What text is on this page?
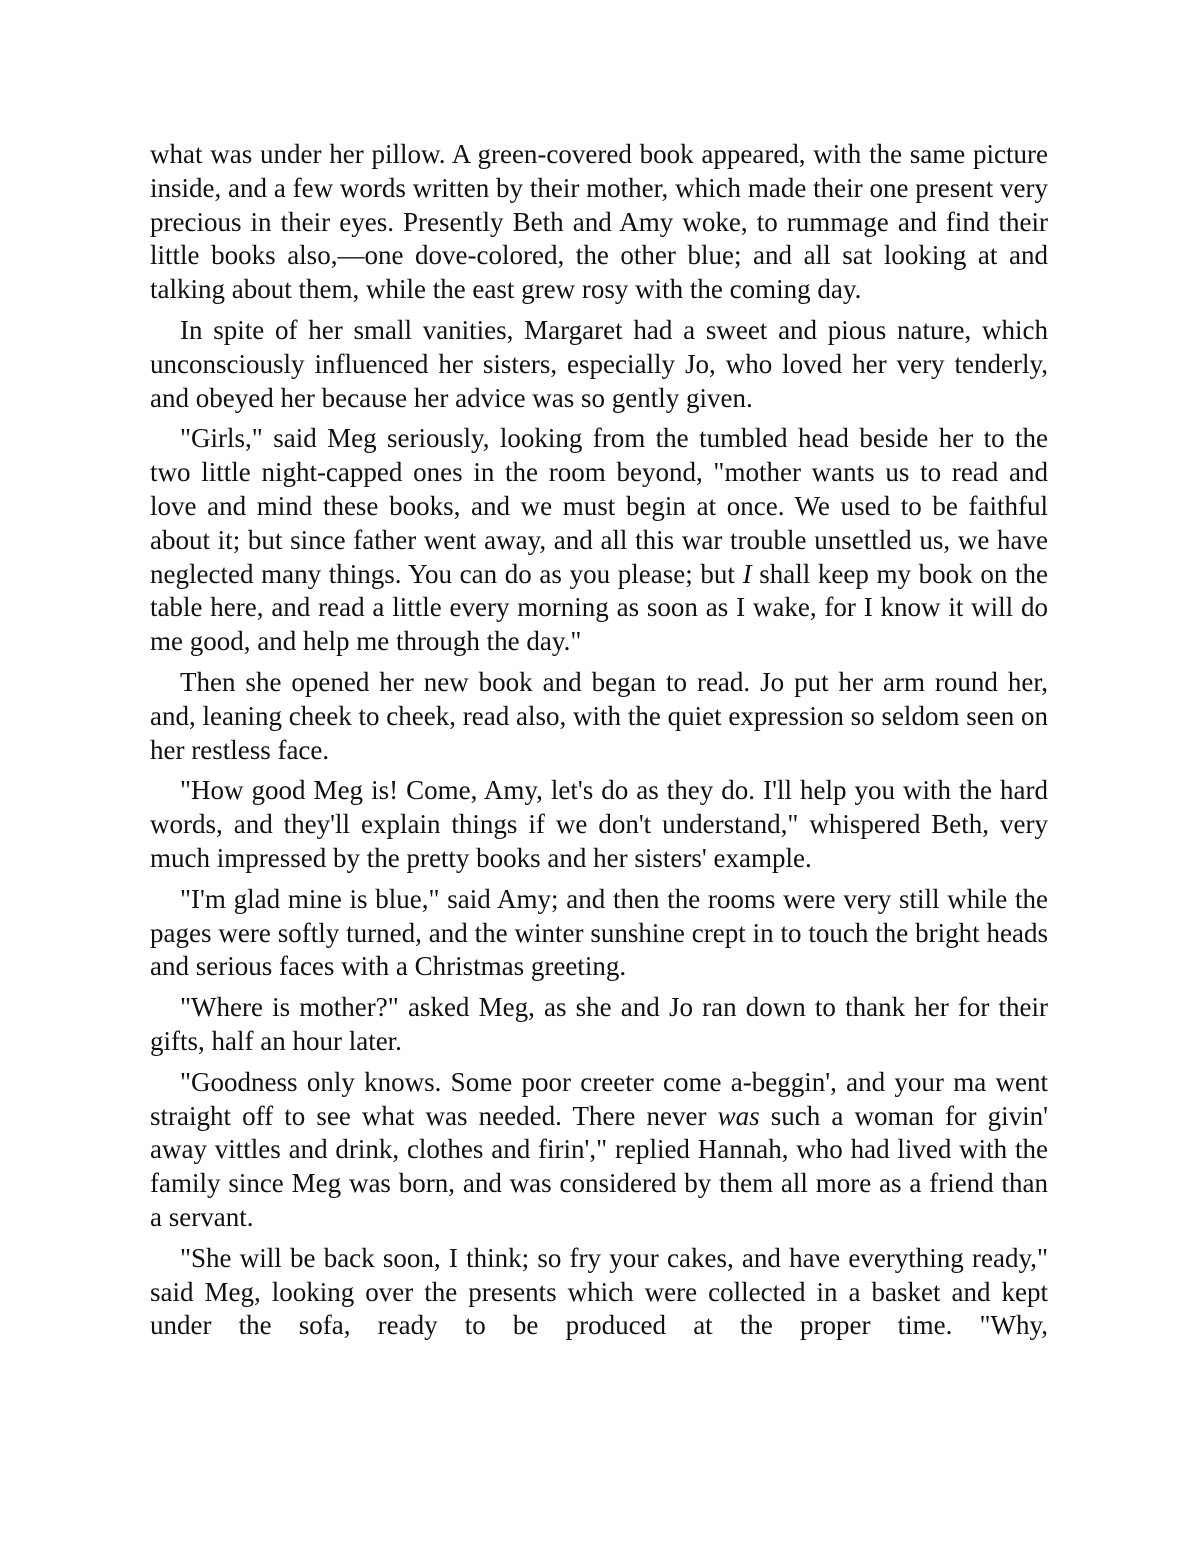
what was under her pillow. A green-covered book appeared, with the same picture inside, and a few words written by their mother, which made their one present very precious in their eyes. Presently Beth and Amy woke, to rummage and find their little books also,—one dove-colored, the other blue; and all sat looking at and talking about them, while the east grew rosy with the coming day.

In spite of her small vanities, Margaret had a sweet and pious nature, which unconsciously influenced her sisters, especially Jo, who loved her very tenderly, and obeyed her because her advice was so gently given.

"Girls," said Meg seriously, looking from the tumbled head beside her to the two little night-capped ones in the room beyond, "mother wants us to read and love and mind these books, and we must begin at once. We used to be faithful about it; but since father went away, and all this war trouble unsettled us, we have neglected many things. You can do as you please; but I shall keep my book on the table here, and read a little every morning as soon as I wake, for I know it will do me good, and help me through the day."

Then she opened her new book and began to read. Jo put her arm round her, and, leaning cheek to cheek, read also, with the quiet expression so seldom seen on her restless face.

"How good Meg is! Come, Amy, let's do as they do. I'll help you with the hard words, and they'll explain things if we don't understand," whispered Beth, very much impressed by the pretty books and her sisters' example.

"I'm glad mine is blue," said Amy; and then the rooms were very still while the pages were softly turned, and the winter sunshine crept in to touch the bright heads and serious faces with a Christmas greeting.

"Where is mother?" asked Meg, as she and Jo ran down to thank her for their gifts, half an hour later.

"Goodness only knows. Some poor creeter come a-beggin', and your ma went straight off to see what was needed. There never was such a woman for givin' away vittles and drink, clothes and firin'," replied Hannah, who had lived with the family since Meg was born, and was considered by them all more as a friend than a servant.

"She will be back soon, I think; so fry your cakes, and have everything ready," said Meg, looking over the presents which were collected in a basket and kept under the sofa, ready to be produced at the proper time. "Why,
